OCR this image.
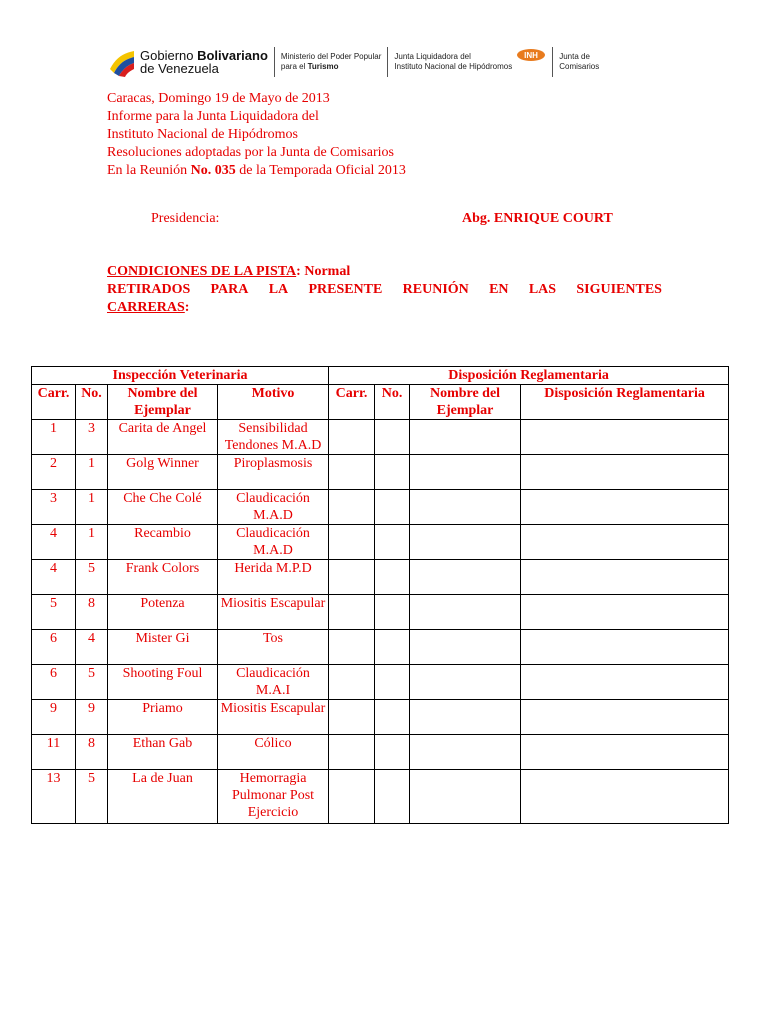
Gobierno Bolivariano
de Venezuela
Ministerio del Poder Popular
para el Turismo
Junta Liquidadora del
Instituto Nacional de Hipódromos
INH	Junta de
Comisarios
Caracas, Domingo 19 de Mayo de 2013
Informe para la Junta Liquidadora del
Instituto Nacional de Hipódromos
Resoluciones adoptadas por la Junta de Comisarios
En la Reunión No. 035 de la Temporada Oficial 2013
Presidencia:	Abg. ENRIQUE COURT
CONDICIONES DE LA PISTA: Normal
RETIRADOS PARA LA PRESENTE REUNIÓN EN LAS SIGUIENTES
CARRERAS:
Inspección Veterinaria				Disposición Reglamentaria			
Carr.	No.	Nombre del Ejemplar	Motivo	Carr.	No.	Nombre del Ejemplar	Disposición Reglamentaria
1	3	Carita de Angel	Sensibilidad Tendones M.A.D				
2	1	Golg Winner	Piroplasmosis				
3	1	Che Che Colé	Claudicación M.A.D				
4	1	Recambio	Claudicación M.A.D				
4	5	Frank Colors	Herida M.P.D				
5	8	Potenza	Miositis Escapular				
6	4	Mister Gi	Tos				
6	5	Shooting Foul	Claudicación M.A.I				
9	9	Priamo	Miositis Escapular				
11	8	Ethan Gab	Cólico				
13	5	La de Juan	Hemorragia Pulmonar Post Ejercicio				
